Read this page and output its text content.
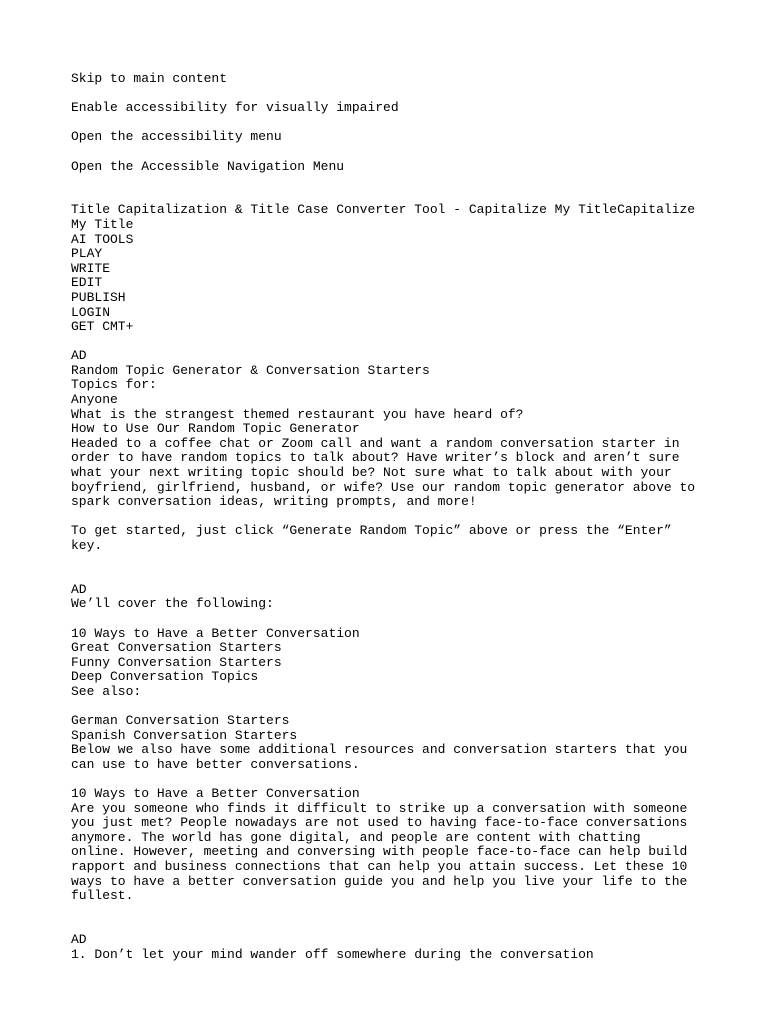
Skip to main content
Enable accessibility for visually impaired
Open the accessibility menu
Open the Accessible Navigation Menu
Title Capitalization & Title Case Converter Tool - Capitalize My TitleCapitalize My Title
AI TOOLS
PLAY
WRITE
EDIT
PUBLISH
LOGIN
GET CMT+
AD
Random Topic Generator & Conversation Starters
Topics for:
Anyone
What is the strangest themed restaurant you have heard of?
How to Use Our Random Topic Generator

Headed to a coffee chat or Zoom call and want a random conversation starter in order to have random topics to talk about? Have writer’s block and aren’t sure what your next writing topic should be? Not sure what to talk about with your boyfriend, girlfriend, husband, or wife? Use our random topic generator above to spark conversation ideas, writing prompts, and more!

To get started, just click “Generate Random Topic” above or press the “Enter” key.

AD
We’ll cover the following:
10 Ways to Have a Better Conversation
Great Conversation Starters
Funny Conversation Starters
Deep Conversation Topics
See also:
German Conversation Starters
Spanish Conversation Starters

Below we also have some additional resources and conversation starters that you can use to have better conversations.

10 Ways to Have a Better Conversation

Are you someone who finds it difficult to strike up a conversation with someone you just met? People nowadays are not used to having face-to-face conversations anymore. The world has gone digital, and people are content with chatting online. However, meeting and conversing with people face-to-face can help build rapport and business connections that can help you attain success. Let these 10 ways to have a better conversation guide you and help you live your life to the fullest.

AD
1. Don’t let your mind wander off somewhere during the conversation
